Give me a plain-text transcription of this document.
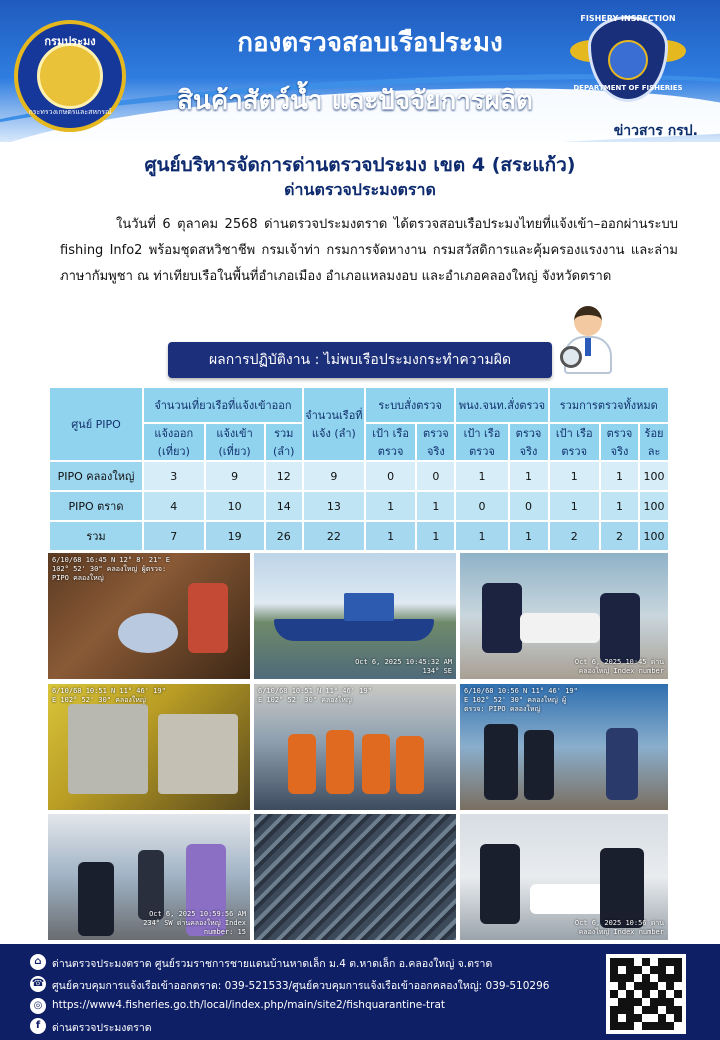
กองตรวจสอบเรือประมง
สินค้าสัตว์น้ำ และปัจจัยการผลิต
ข่าวสาร กรป.
กรมประมง
กระทรวงเกษตรและสหกรณ์
FISHERY INSPECTION
DEPARTMENT OF FISHERIES
ศูนย์บริหารจัดการด่านตรวจประมง เขต 4 (สระแก้ว)
ด่านตรวจประมงตราด
ในวันที่ 6 ตุลาคม 2568 ด่านตรวจประมงตราด ได้ตรวจสอบเรือประมงไทยที่แจ้งเข้า–ออกผ่านระบบ fishing Info2 พร้อมชุดสหวิชาชีพ กรมเจ้าท่า กรมการจัดหางาน กรมสวัสดิการและคุ้มครองแรงงาน และล่ามภาษากัมพูชา ณ ท่าเทียบเรือในพื้นที่อำเภอเมือง อำเภอแหลมงอบ และอำเภอคลองใหญ่ จังหวัดตราด
ผลการปฏิบัติงาน : ไม่พบเรือประมงกระทำความผิด
ศูนย์ PIPO	จำนวนเที่ยวเรือที่แจ้งเข้าออก			จำนวนเรือที่แจ้ง (ลำ)	ระบบสั่งตรวจ		พนง.จนท.สั่งตรวจ		รวมการตรวจทั้งหมด		
	แจ้งออก (เที่ยว)	แจ้งเข้า (เที่ยว)	รวม (ลำ)		เป้า เรือตรวจ	ตรวจจริง	เป้า เรือตรวจ	ตรวจจริง	เป้า เรือตรวจ	ตรวจจริง	ร้อยละ
PIPO คลองใหญ่	3	9	12	9	0	0	1	1	1	1	100
PIPO ตราด	4	10	14	13	1	1	0	0	1	1	100
รวม	7	19	26	22	1	1	1	1	2	2	100
6/10/68 16:45 N 12° 8' 21" E 102° 52' 30" คลองใหญ่ ผู้ตรวจ: PIPO คลองใหญ่
Oct 6, 2025 10:45:32 AM 134° SE
Oct 6, 2025 10:45 ด่านคลองใหญ่ Index number
6/10/68 10:51 N 11° 46' 19" E 102° 52' 30" คลองใหญ่
6/10/68 10:51 N 11° 46' 19" E 102° 52' 30" คลองใหญ่
6/10/68 10:56 N 11° 46' 19" E 102° 52' 30" คลองใหญ่ ผู้ตรวจ: PIPO คลองใหญ่
Oct 6, 2025 10:59:56 AM 234° SW ด่านคลองใหญ่ Index number: 15
Oct 6, 2025 10:56 ด่านคลองใหญ่ Index number
⌂ ด่านตรวจประมงตราด ศูนย์รวมราชการชายแดนบ้านหาดเล็ก ม.4 ต.หาดเล็ก อ.คลองใหญ่ จ.ตราด
☎ ศูนย์ควบคุมการแจ้งเรือเข้าออกตราด: 039-521533/ศูนย์ควบคุมการแจ้งเรือเข้าออกคลองใหญ่: 039-510296
◎ https://www4.fisheries.go.th/local/index.php/main/site2/fishquarantine-trat
f	ด่านตรวจประมงตราด
